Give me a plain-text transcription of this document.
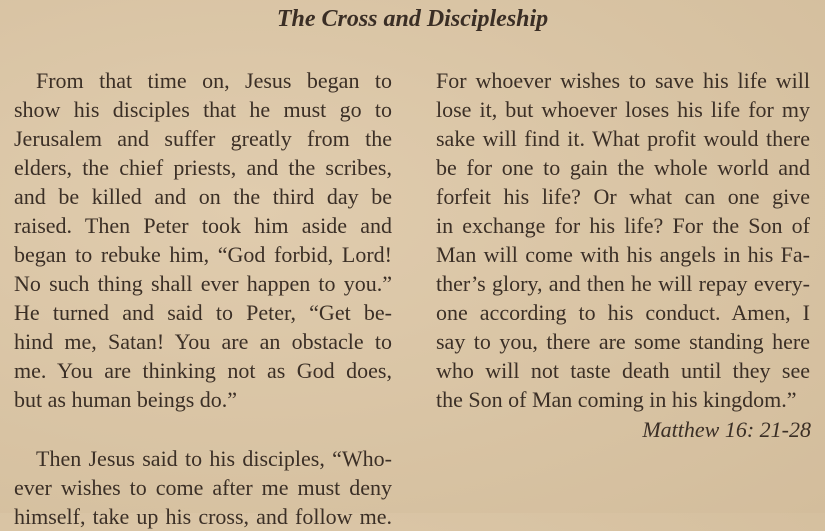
The Cross and Discipleship
From that time on, Jesus began to
show his disciples that he must go to
Jerusalem and suffer greatly from the
elders, the chief priests, and the scribes,
and be killed and on the third day be
raised. Then Peter took him aside and
began to rebuke him, “God forbid, Lord!
No such thing shall ever happen to you.”
He turned and said to Peter, “Get be-
hind me, Satan! You are an obstacle to
me. You are thinking not as God does,
but as human beings do.”
Then Jesus said to his disciples, “Who-
ever wishes to come after me must deny
himself, take up his cross, and follow me.
For whoever wishes to save his life will
lose it, but whoever loses his life for my
sake will find it. What profit would there
be for one to gain the whole world and
forfeit his life? Or what can one give
in exchange for his life? For the Son of
Man will come with his angels in his Fa-
ther’s glory, and then he will repay every-
one according to his conduct. Amen, I
say to you, there are some standing here
who will not taste death until they see
the Son of Man coming in his kingdom.”

Matthew 16: 21-28
